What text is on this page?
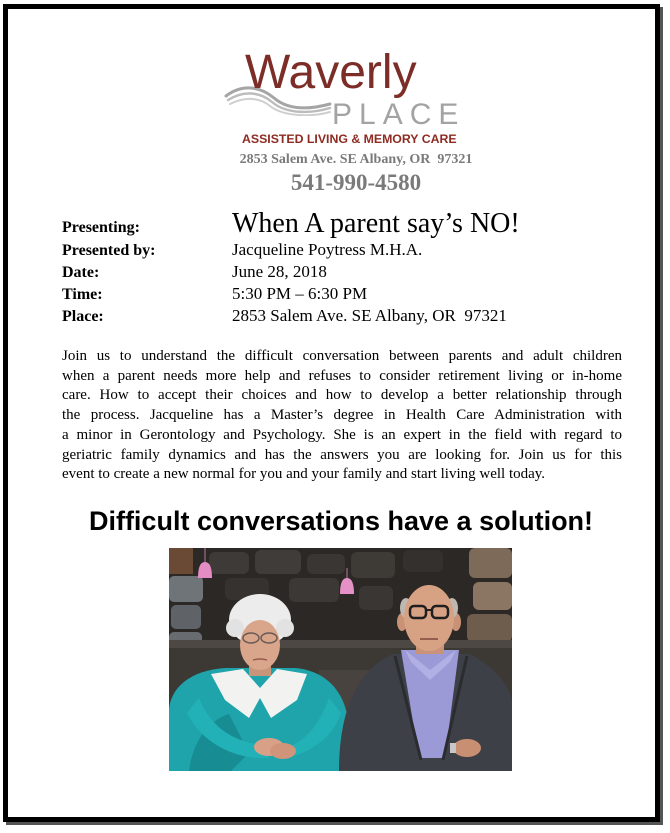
Waverly
PLACE
ASSISTED LIVING & MEMORY CARE
2853 Salem Ave. SE Albany, OR  97321
541-990-4580
Presenting:	When A parent say’s NO!
Presented by:	Jacqueline Poytress M.H.A.
Date:	June 28, 2018
Time:	5:30 PM – 6:30 PM
Place:	2853 Salem Ave. SE Albany, OR  97321
Join us to understand the difficult conversation between parents and adult children
when a parent needs more help and refuses to consider retirement living or in-home
care. How to accept their choices and how to develop a better relationship through
the process. Jacqueline has a Master’s degree in Health Care Administration with
a minor in Gerontology and Psychology. She is an expert in the field with regard to
geriatric family dynamics and has the answers you are looking for. Join us for this
event to create a new normal for you and your family and start living well today.
Difficult conversations have a solution!
